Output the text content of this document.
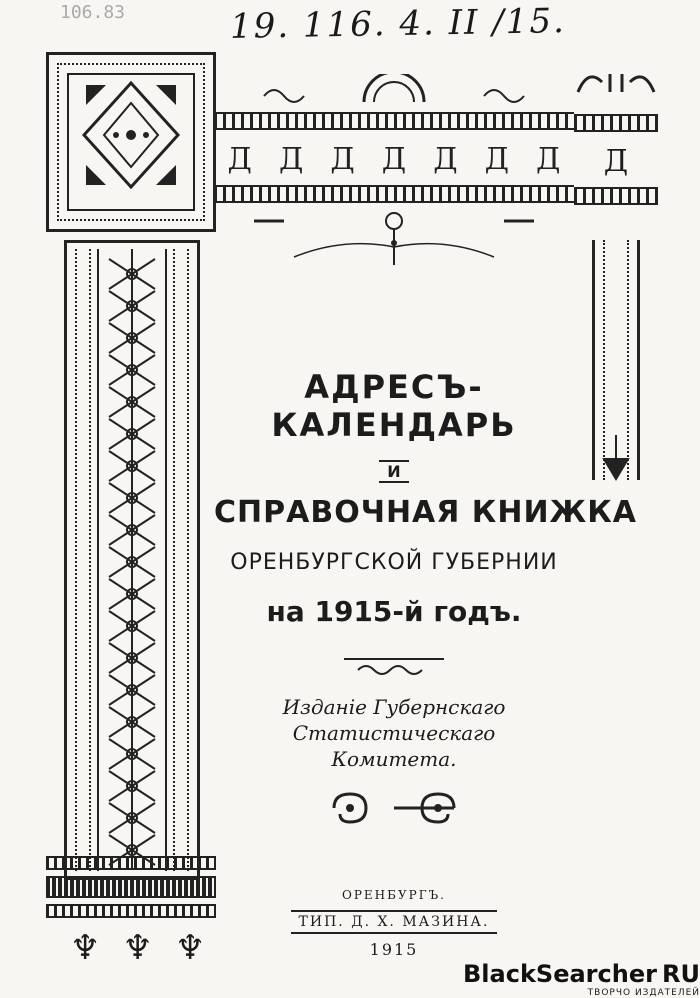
106.83	19. 116. 4. II /15.
Д Д Д Д Д Д Д	Д
АДРЕСЪ-КАЛЕНДАРЬ
И
СПРАВОЧНАЯ КНИЖКА
ОРЕНБУРГСКОЙ ГУБЕРНИИ
на 1915-й годъ.
Изданіе Губернскаго Статистическаго
Комитета.
ОРЕНБУРГЪ.
ТИП. Д. Х. МАЗИНА.
1915
♆♆♆
BlackSearcher RU
ТВОРЧО ИЗДАТЕЛЕЙ
